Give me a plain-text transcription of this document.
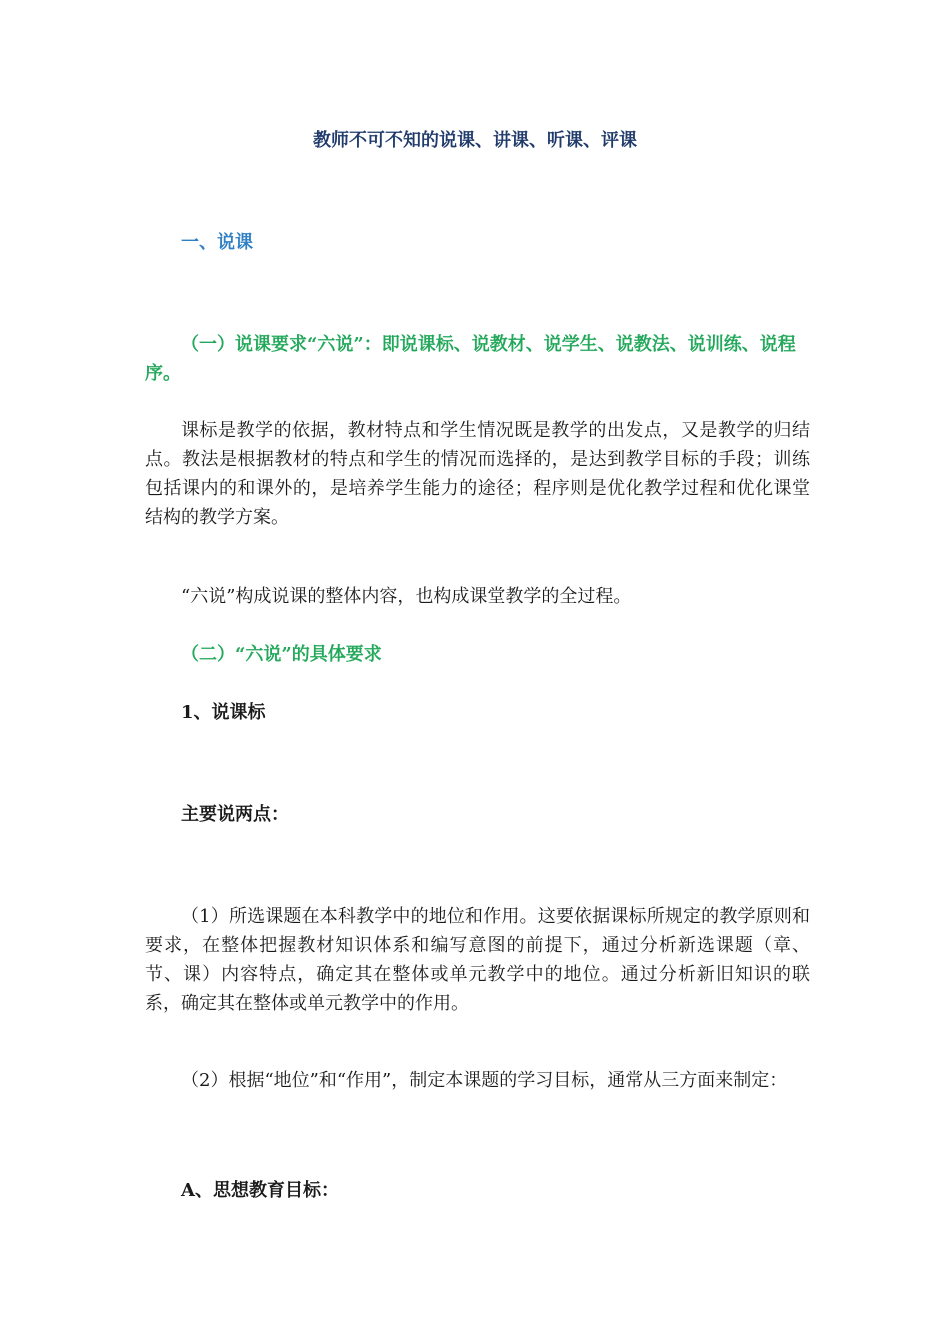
教师不可不知的说课、讲课、听课、评课

一、说课

（一）说课要求“六说”：即说课标、说教材、说学生、说教法、说训练、说程序。

课标是教学的依据，教材特点和学生情况既是教学的出发点，又是教学的归结点。教法是根据教材的特点和学生的情况而选择的，是达到教学目标的手段；训练包括课内的和课外的，是培养学生能力的途径；程序则是优化教学过程和优化课堂结构的教学方案。

“六说”构成说课的整体内容，也构成课堂教学的全过程。

（二）“六说”的具体要求

1、说课标

主要说两点：

（1）所选课题在本科教学中的地位和作用。这要依据课标所规定的教学原则和要求，在整体把握教材知识体系和编写意图的前提下，通过分析新选课题（章、节、课）内容特点，确定其在整体或单元教学中的地位。通过分析新旧知识的联系，确定其在整体或单元教学中的作用。

（2）根据“地位”和“作用”，制定本课题的学习目标，通常从三方面来制定：

A、思想教育目标：
